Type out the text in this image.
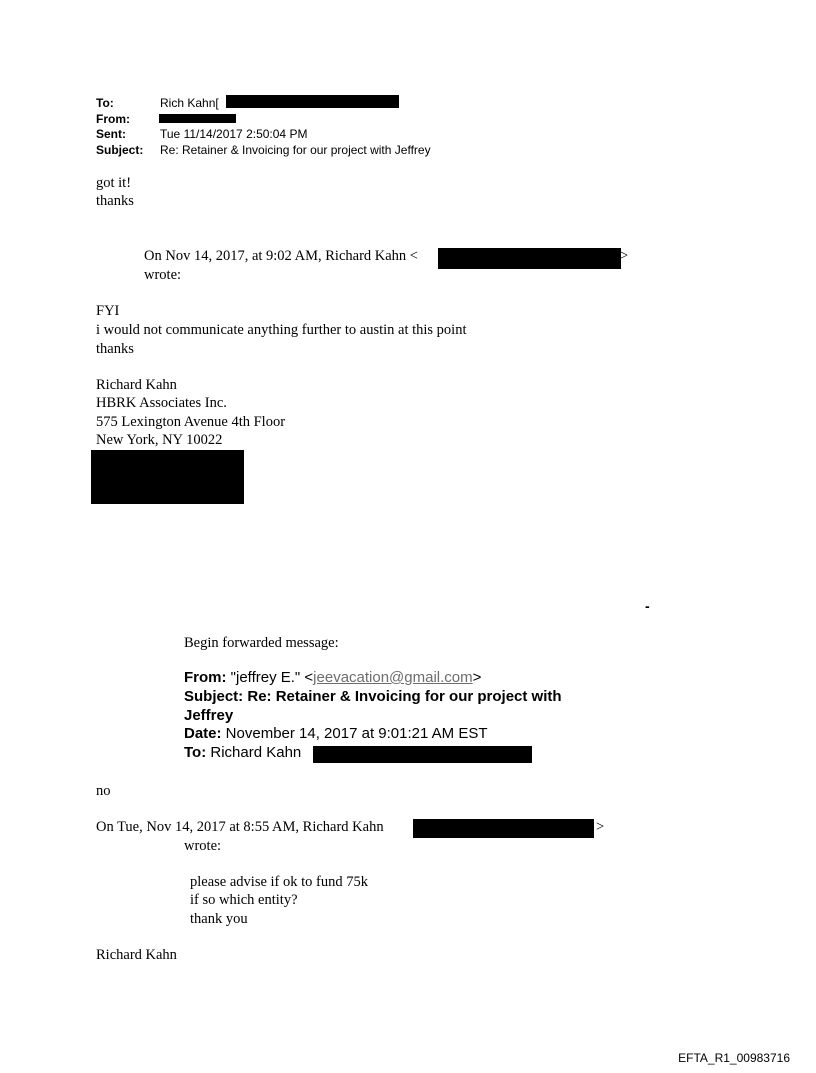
To:	Rich Kahn[
From:
Sent:	Tue 11/14/2017 2:50:04 PM
Subject: Re: Retainer & Invoicing for our project with Jeffrey
got it!
thanks
On Nov 14, 2017, at 9:02 AM, Richard Kahn <	>
wrote:
FYI
i would not communicate anything further to austin at this point
thanks
Richard Kahn
HBRK Associates Inc.
575 Lexington Avenue 4th Floor
New York, NY 10022
-
Begin forwarded message:
From: "jeffrey E." <jeevacation@gmail.com>
Subject: Re: Retainer & Invoicing for our project with
Jeffrey
Date: November 14, 2017 at 9:01:21 AM EST
To: Richard Kahn
no
On Tue, Nov 14, 2017 at 8:55 AM, Richard Kahn	>
wrote:
please advise if ok to fund 75k
if so which entity?
thank you
Richard Kahn
EFTA_R1_00983716
